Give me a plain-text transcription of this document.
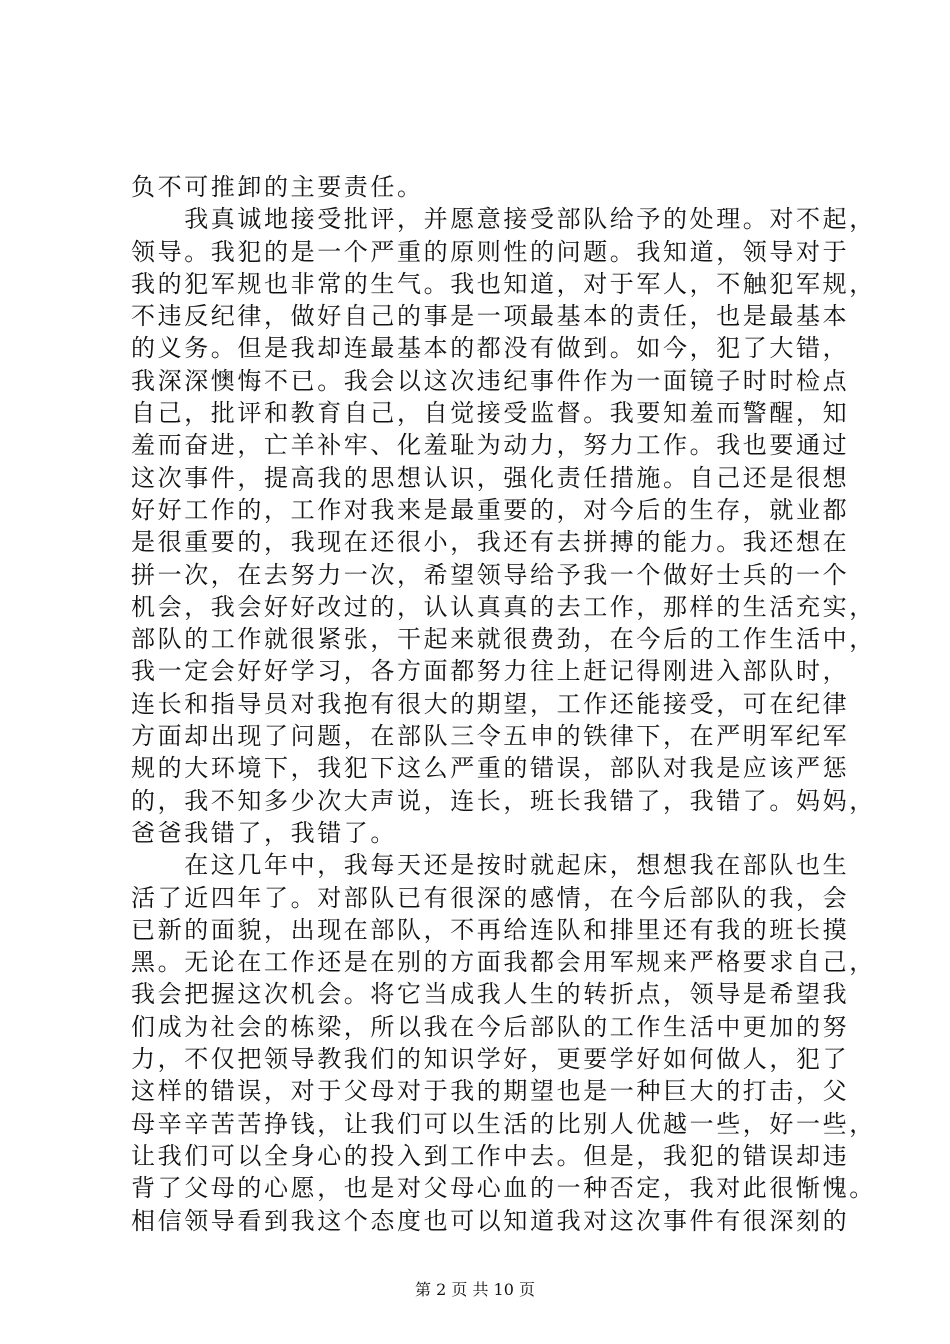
负不可推卸的主要责任。
　　我真诚地接受批评，并愿意接受部队给予的处理。对不起，
领导。我犯的是一个严重的原则性的问题。我知道，领导对于
我的犯军规也非常的生气。我也知道，对于军人，不触犯军规，
不违反纪律，做好自己的事是一项最基本的责任，也是最基本
的义务。但是我却连最基本的都没有做到。如今，犯了大错，
我深深懊悔不已。我会以这次违纪事件作为一面镜子时时检点
自己，批评和教育自己，自觉接受监督。我要知羞而警醒，知
羞而奋进，亡羊补牢、化羞耻为动力，努力工作。我也要通过
这次事件，提高我的思想认识，强化责任措施。自己还是很想
好好工作的，工作对我来是最重要的，对今后的生存，就业都
是很重要的，我现在还很小，我还有去拼搏的能力。我还想在
拼一次，在去努力一次，希望领导给予我一个做好士兵的一个
机会，我会好好改过的，认认真真的去工作，那样的生活充实，
部队的工作就很紧张，干起来就很费劲，在今后的工作生活中，
我一定会好好学习，各方面都努力往上赶记得刚进入部队时，
连长和指导员对我抱有很大的期望，工作还能接受，可在纪律
方面却出现了问题，在部队三令五申的铁律下，在严明军纪军
规的大环境下，我犯下这么严重的错误，部队对我是应该严惩
的，我不知多少次大声说，连长，班长我错了，我错了。妈妈，
爸爸我错了，我错了。
　　在这几年中，我每天还是按时就起床，想想我在部队也生
活了近四年了。对部队已有很深的感情，在今后部队的我，会
已新的面貌，出现在部队，不再给连队和排里还有我的班长摸
黑。无论在工作还是在别的方面我都会用军规来严格要求自己，
我会把握这次机会。将它当成我人生的转折点，领导是希望我
们成为社会的栋梁，所以我在今后部队的工作生活中更加的努
力，不仅把领导教我们的知识学好，更要学好如何做人，犯了
这样的错误，对于父母对于我的期望也是一种巨大的打击，父
母辛辛苦苦挣钱，让我们可以生活的比别人优越一些，好一些，
让我们可以全身心的投入到工作中去。但是，我犯的错误却违
背了父母的心愿，也是对父母心血的一种否定，我对此很惭愧。
相信领导看到我这个态度也可以知道我对这次事件有很深刻的
第 2 页 共 10 页
